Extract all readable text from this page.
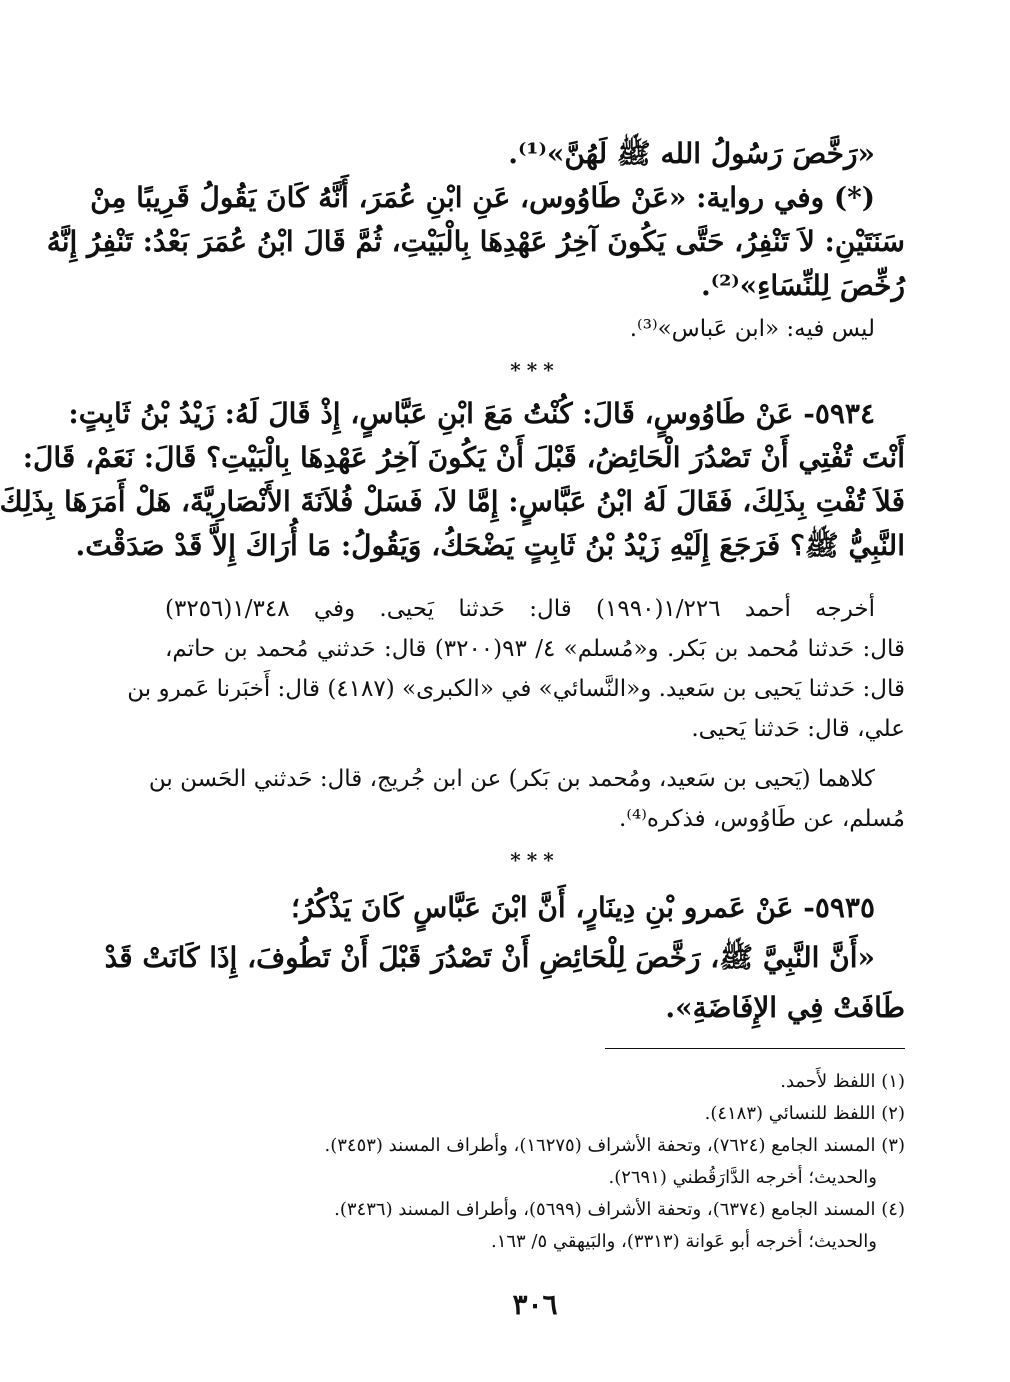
«رَخَّصَ رَسُولُ الله ﷺ لَهُنَّ»⁽¹⁾.
(*) وفي رواية: «عَنْ طَاوُوس، عَنِ ابْنِ عُمَرَ، أَنَّهُ كَانَ يَقُولُ قَرِيبًا مِنْ
سَنَتَيْنِ: لاَ تَنْفِرُ، حَتَّى يَكُونَ آخِرُ عَهْدِهَا بِالْبَيْتِ، ثُمَّ قَالَ ابْنُ عُمَرَ بَعْدُ: تَنْفِرُ إِنَّهُ
رُخِّصَ لِلنِّسَاءِ»⁽²⁾.
ليس فيه: «ابن عَباس»⁽³⁾.
***
٥٩٣٤- عَنْ طَاوُوسٍ، قَالَ: كُنْتُ مَعَ ابْنِ عَبَّاسٍ، إِذْ قَالَ لَهُ: زَيْدُ بْنُ ثَابِتٍ:
أَنْتَ تُفْتِي أَنْ تَصْدُرَ الْحَائِضُ، قَبْلَ أَنْ يَكُونَ آخِرُ عَهْدِهَا بِالْبَيْتِ؟ قَالَ: نَعَمْ، قَالَ:
فَلاَ تُفْتِ بِذَلِكَ، فَقَالَ لَهُ ابْنُ عَبَّاسٍ: إِمَّا لاَ، فَسَلْ فُلاَنَةَ الأَنْصَارِيَّةَ، هَلْ أَمَرَهَا بِذَلِكَ
النَّبِيُّ ﷺ؟ فَرَجَعَ إِلَيْهِ زَيْدُ بْنُ ثَابِتٍ يَضْحَكُ، وَيَقُولُ: مَا أُرَاكَ إِلاَّ قَدْ صَدَقْتَ.
أخرجه أحمد ١/٢٢٦(١٩٩٠) قال: حَدثنا يَحيى. وفي ١/٣٤٨(٣٢٥٦)
قال: حَدثنا مُحمد بن بَكر. و«مُسلم» ٤/ ٩٣(٣٢٠٠) قال: حَدثني مُحمد بن حاتم،
قال: حَدثنا يَحيى بن سَعيد. و«النَّسائي» في «الكبرى» (٤١٨٧) قال: أَخبَرنا عَمرو بن
علي، قال: حَدثنا يَحيى.
كلاهما (يَحيى بن سَعيد، ومُحمد بن بَكر) عن ابن جُريج، قال: حَدثني الحَسن بن
مُسلم، عن طَاوُوس، فذكره⁽⁴⁾.
***
٥٩٣٥- عَنْ عَمرو بْنِ دِينَارٍ، أَنَّ ابْنَ عَبَّاسٍ كَانَ يَذْكُرُ؛
«أَنَّ النَّبِيَّ ﷺ، رَخَّصَ لِلْحَائِضِ أَنْ تَصْدُرَ قَبْلَ أَنْ تَطُوفَ، إِذَا كَانَتْ قَدْ
طَافَتْ فِي الإِفَاضَةِ».
(١) اللفظ لأَحمد.
(٢) اللفظ للنسائي (٤١٨٣).
(٣) المسند الجامع (٧٦٢٤)، وتحفة الأشراف (١٦٢٧٥)، وأطراف المسند (٣٤٥٣).
والحديث؛ أخرجه الدَّارَقُطني (٢٦٩١).
(٤) المسند الجامع (٦٣٧٤)، وتحفة الأشراف (٥٦٩٩)، وأطراف المسند (٣٤٣٦).
والحديث؛ أخرجه أبو عَوانة (٣٣١٣)، والبَيهقي ٥/ ١٦٣.
٣٠٦
